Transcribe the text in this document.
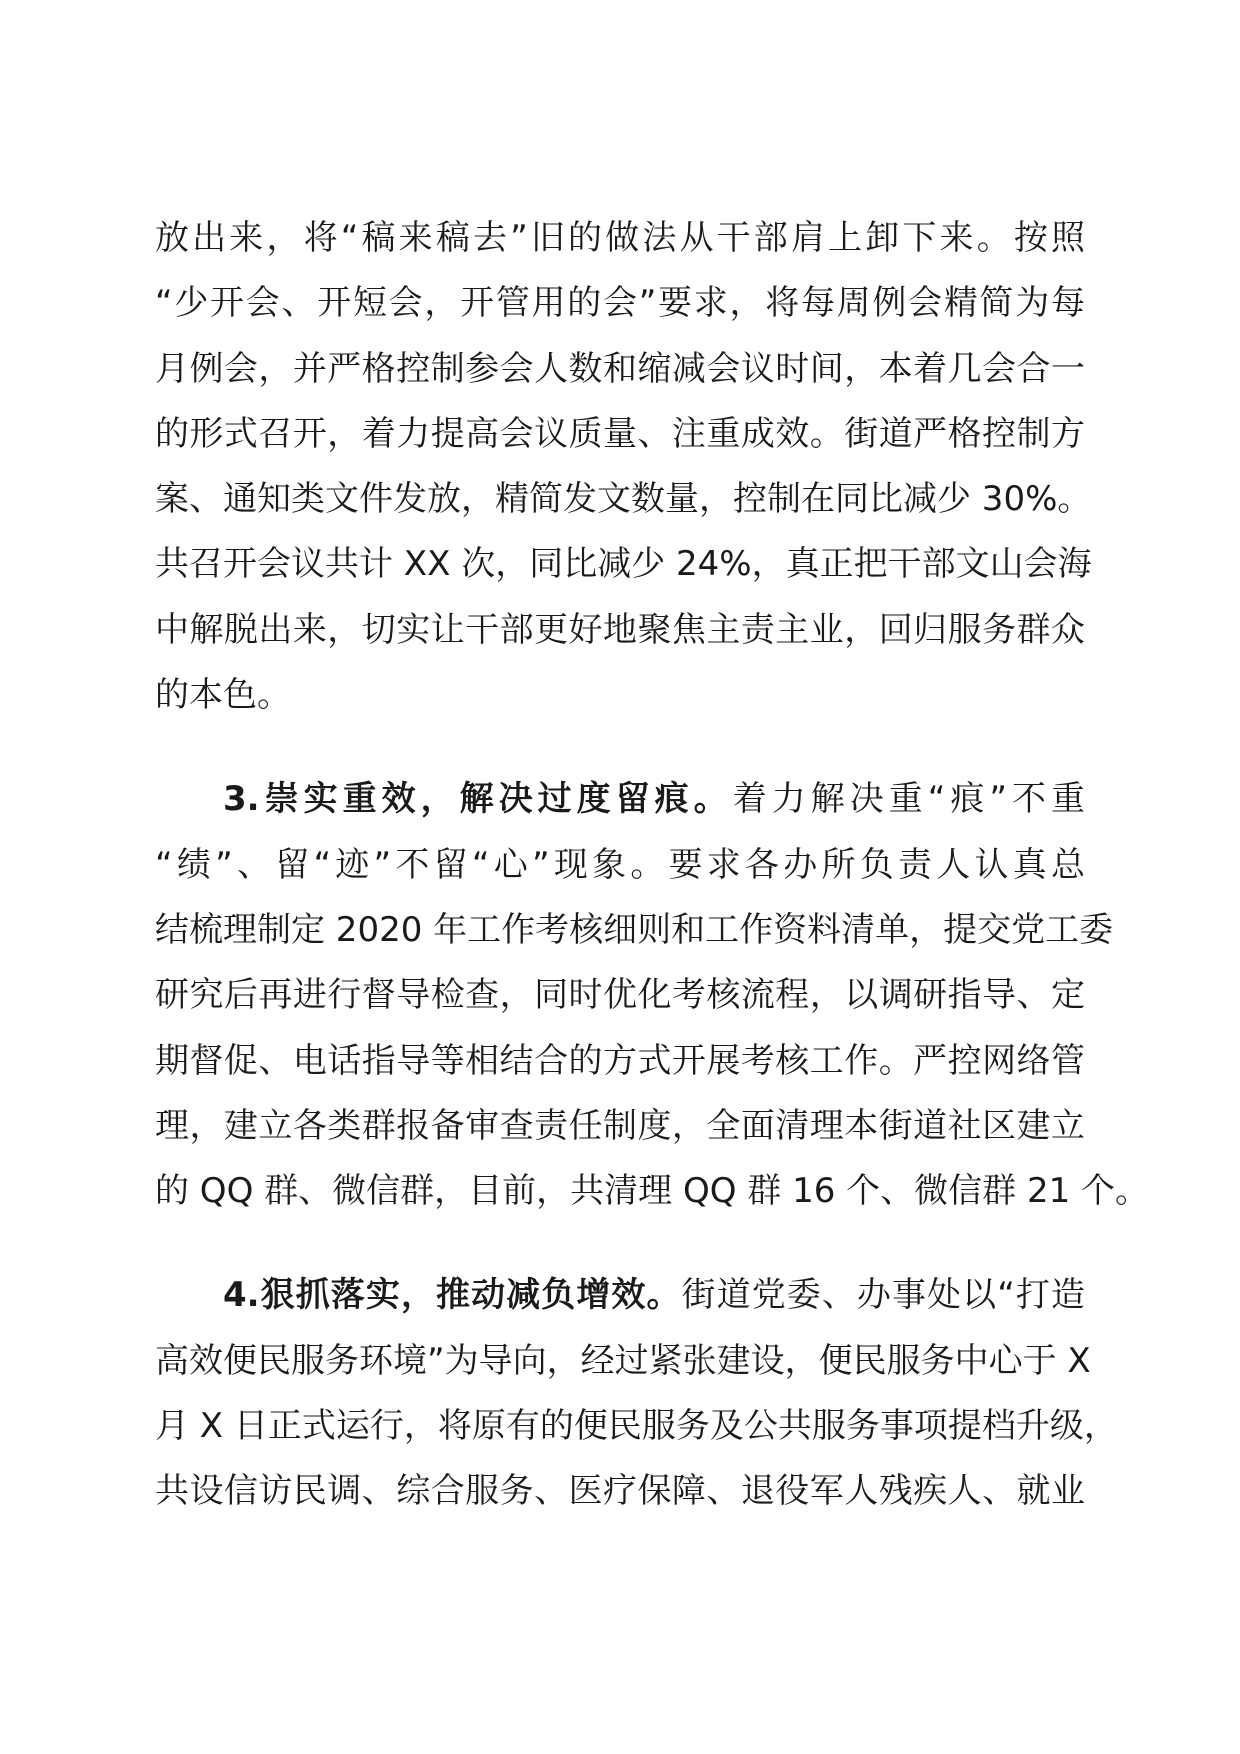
放出来，将“稿来稿去”旧的做法从干部肩上卸下来。按照
“少开会、开短会，开管用的会”要求，将每周例会精简为每
月例会，并严格控制参会人数和缩减会议时间，本着几会合一
的形式召开，着力提高会议质量、注重成效。街道严格控制方
案、通知类文件发放，精简发文数量，控制在同比减少 30%。
共召开会议共计 XX 次，同比减少 24%，真正把干部文山会海
中解脱出来，切实让干部更好地聚焦主责主业，回归服务群众
的本色。
3.崇实重效，解决过度留痕。着力解决重“痕”不重
“绩”、留“迹”不留“心”现象。要求各办所负责人认真总
结梳理制定 2020 年工作考核细则和工作资料清单，提交党工委
研究后再进行督导检查，同时优化考核流程，以调研指导、定
期督促、电话指导等相结合的方式开展考核工作。严控网络管
理，建立各类群报备审查责任制度，全面清理本街道社区建立
的 QQ 群、微信群，目前，共清理 QQ 群 16 个、微信群 21 个。
4.狠抓落实，推动减负增效。街道党委、办事处以“打造
高效便民服务环境”为导向，经过紧张建设，便民服务中心于 X
月 X 日正式运行，将原有的便民服务及公共服务事项提档升级，
共设信访民调、综合服务、医疗保障、退役军人残疾人、就业
